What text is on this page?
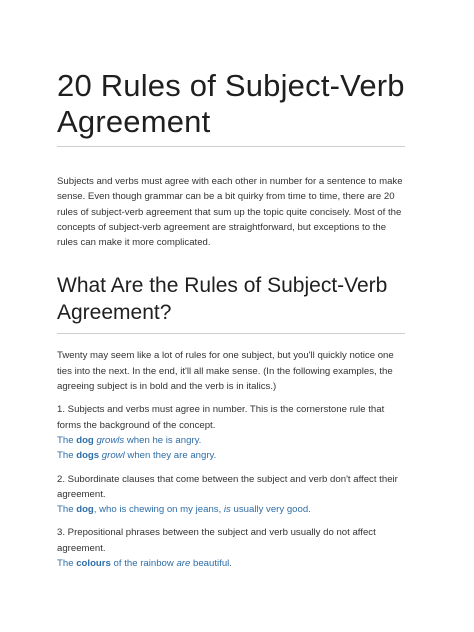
20 Rules of Subject-Verb
Agreement

Subjects and verbs must agree with each other in number for a sentence to make sense. Even though grammar can be a bit quirky from time to time, there are 20 rules of subject-verb agreement that sum up the topic quite concisely. Most of the concepts of subject-verb agreement are straightforward, but exceptions to the rules can make it more complicated.

What Are the Rules of Subject-Verb
Agreement?

Twenty may seem like a lot of rules for one subject, but you'll quickly notice one ties into the next. In the end, it'll all make sense. (In the following examples, the agreeing subject is in bold and the verb is in italics.)

1. Subjects and verbs must agree in number. This is the cornerstone rule that forms the background of the concept.
The dog growls when he is angry.
The dogs growl when they are angry.
2. Subordinate clauses that come between the subject and verb don't affect their agreement.
The dog, who is chewing on my jeans, is usually very good.
3. Prepositional phrases between the subject and verb usually do not affect agreement.
The colours of the rainbow are beautiful.
